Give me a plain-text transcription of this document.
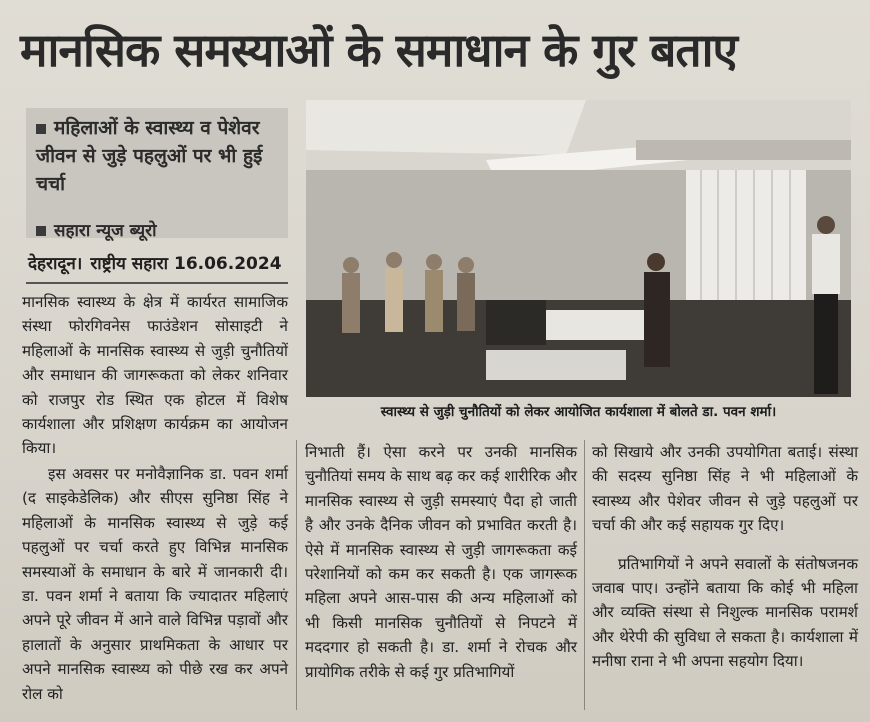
मानसिक समस्याओं के समाधान के गुर बताए
महिलाओं के स्वास्थ्य व पेशेवर जीवन से जुड़े पहलुओं पर भी हुई चर्चा
सहारा न्यूज ब्यूरो
देहरादून। राष्ट्रीय सहारा 16.06.2024

मानसिक स्वास्थ्य के क्षेत्र में कार्यरत सामाजिक संस्था फोरगिवनेस फाउंडेशन सोसाइटी ने महिलाओं के मानसिक स्वास्थ्य से जुड़ी चुनौतियों और समाधान की जागरूकता को लेकर शनिवार को राजपुर रोड स्थित एक होटल में विशेष कार्यशाला और प्रशिक्षण कार्यक्रम का आयोजन किया।

इस अवसर पर मनोवैज्ञानिक डा. पवन शर्मा (द साइकेडेलिक) और सीएस सुनिष्ठा सिंह ने महिलाओं के मानसिक स्वास्थ्य से जुड़े कई पहलुओं पर चर्चा करते हुए विभिन्न मानसिक समस्याओं के समाधान के बारे में जानकारी दी। डा. पवन शर्मा ने बताया कि ज्यादातर महिलाएं अपने पूरे जीवन में आने वाले विभिन्न पड़ावों और हालातों के अनुसार प्राथमिकता के आधार पर अपने मानसिक स्वास्थ्य को पीछे रख कर अपने रोल को

स्वास्थ्य से जुड़ी चुनौतियों को लेकर आयोजित कार्यशाला में बोलते डा. पवन शर्मा।

निभाती हैं। ऐसा करने पर उनकी मानसिक चुनौतियां समय के साथ बढ़ कर कई शारीरिक और मानसिक स्वास्थ्य से जुड़ी समस्याएं पैदा हो जाती है और उनके दैनिक जीवन को प्रभावित करती है। ऐसे में मानसिक स्वास्थ्य से जुड़ी जागरूकता कई परेशानियों को कम कर सकती है। एक जागरूक महिला अपने आस-पास की अन्य महिलाओं को भी किसी मानसिक चुनौतियों से निपटने में मददगार हो सकती है। डा. शर्मा ने रोचक और प्रायोगिक तरीके से कई गुर प्रतिभागियों

को सिखाये और उनकी उपयोगिता बताई। संस्था की सदस्य सुनिष्ठा सिंह ने भी महिलाओं के स्वास्थ्य और पेशेवर जीवन से जुड़े पहलुओं पर चर्चा की और कई सहायक गुर दिए।

प्रतिभागियों ने अपने सवालों के संतोषजनक जवाब पाए। उन्होंने बताया कि कोई भी महिला और व्यक्ति संस्था से निशुल्क मानसिक परामर्श और थेरेपी की सुविधा ले सकता है। कार्यशाला में मनीषा राना ने भी अपना सहयोग दिया।
